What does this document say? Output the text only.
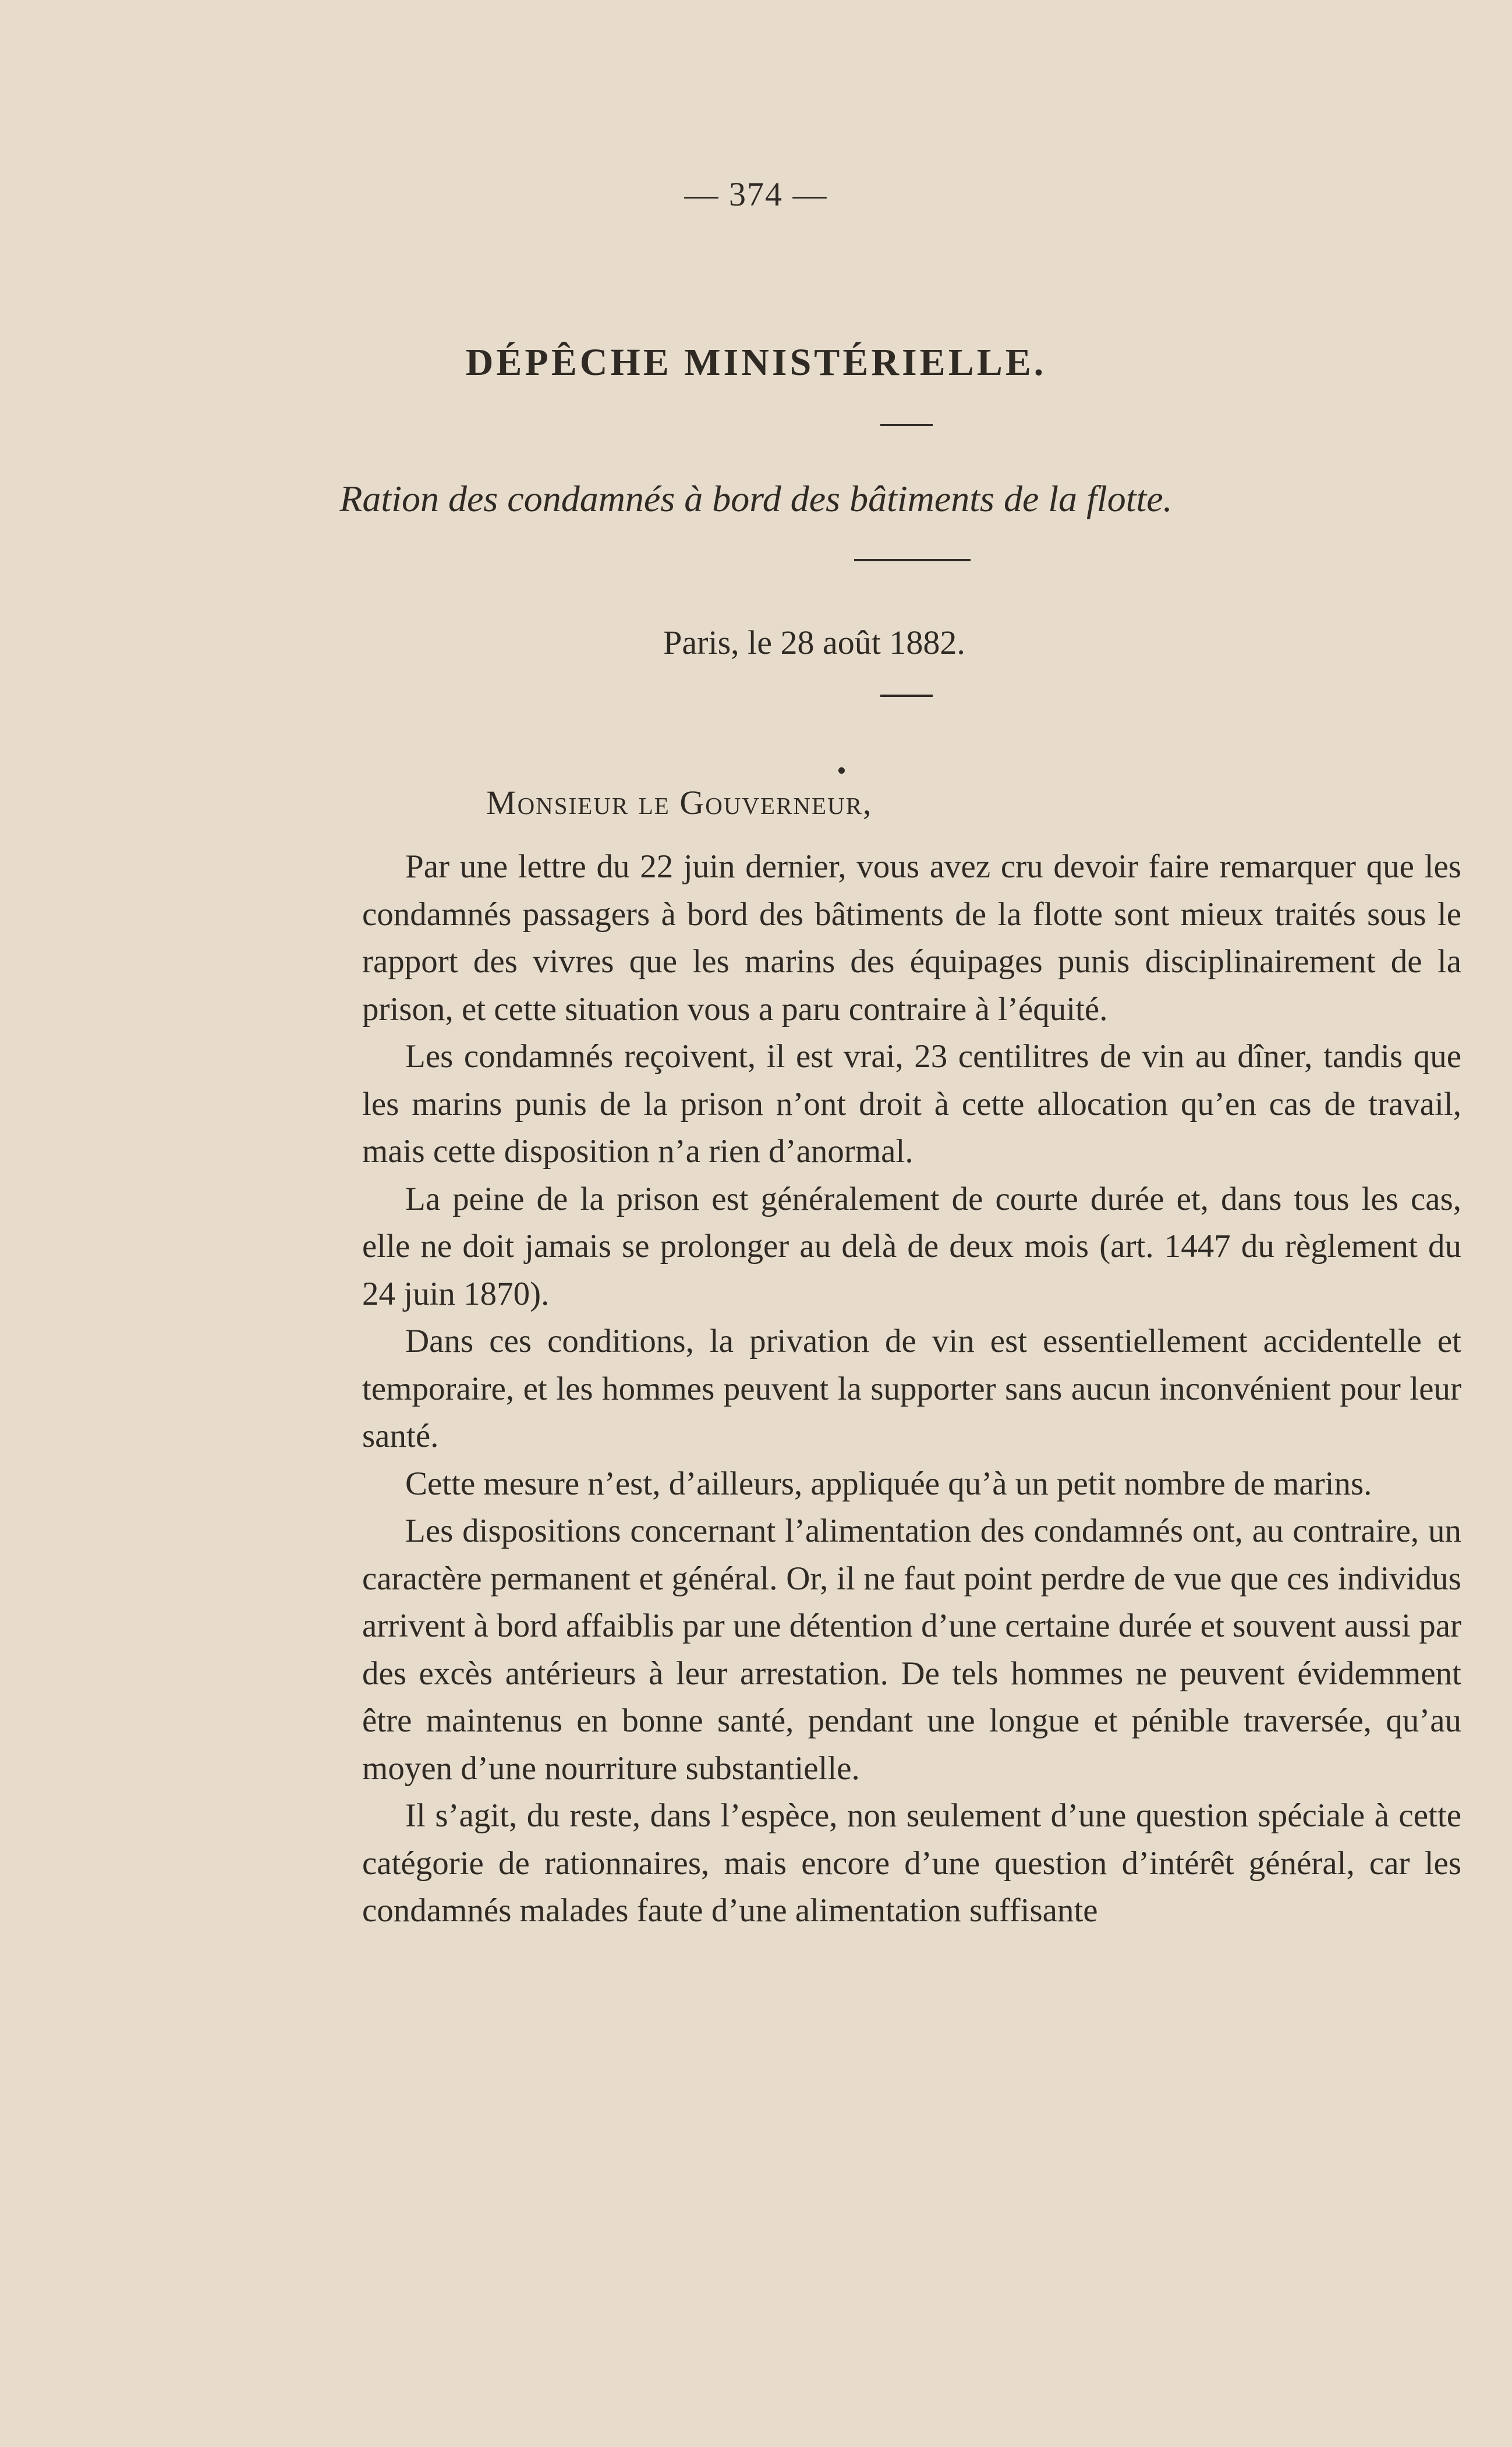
— 374 —
DÉPÊCHE MINISTÉRIELLE.
Ration des condamnés à bord des bâtiments de la flotte.
Paris, le 28 août 1882.
Monsieur le Gouverneur,

Par une lettre du 22 juin dernier, vous avez cru devoir faire remarquer que les condamnés passagers à bord des bâtiments de la flotte sont mieux traités sous le rapport des vivres que les marins des équipages punis disciplinairement de la prison, et cette situation vous a paru contraire à l’équité.

Les condamnés reçoivent, il est vrai, 23 centilitres de vin au dîner, tandis que les marins punis de la prison n’ont droit à cette allocation qu’en cas de travail, mais cette disposition n’a rien d’anormal.

La peine de la prison est généralement de courte durée et, dans tous les cas, elle ne doit jamais se prolonger au delà de deux mois (art. 1447 du règlement du 24 juin 1870).

Dans ces conditions, la privation de vin est essentiellement accidentelle et temporaire, et les hommes peuvent la supporter sans aucun inconvénient pour leur santé.

Cette mesure n’est, d’ailleurs, appliquée qu’à un petit nombre de marins.

Les dispositions concernant l’alimentation des condamnés ont, au contraire, un caractère permanent et général. Or, il ne faut point perdre de vue que ces individus arrivent à bord affaiblis par une détention d’une certaine durée et souvent aussi par des excès antérieurs à leur arrestation. De tels hommes ne peuvent évidemment être maintenus en bonne santé, pendant une longue et pénible traversée, qu’au moyen d’une nourriture substantielle.

Il s’agit, du reste, dans l’espèce, non seulement d’une question spéciale à cette catégorie de rationnaires, mais encore d’une question d’intérêt général, car les condamnés malades faute d’une alimentation suffisante
